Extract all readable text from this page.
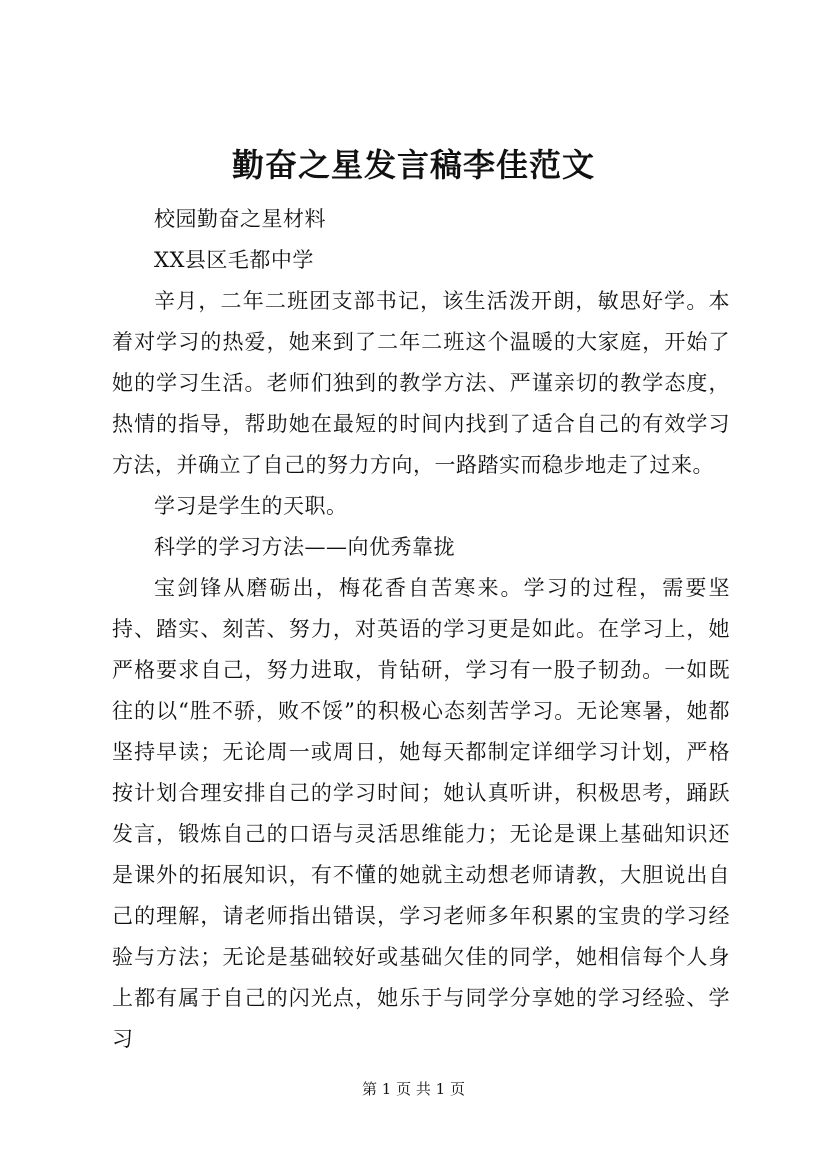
勤奋之星发言稿李佳范文

校园勤奋之星材料

XX县区毛都中学

辛月，二年二班团支部书记，该生活泼开朗，敏思好学。本着对学习的热爱，她来到了二年二班这个温暖的大家庭，开始了她的学习生活。老师们独到的教学方法、严谨亲切的教学态度，热情的指导，帮助她在最短的时间内找到了适合自己的有效学习方法，并确立了自己的努力方向，一路踏实而稳步地走了过来。

学习是学生的天职。

科学的学习方法——向优秀靠拢

宝剑锋从磨砺出，梅花香自苦寒来。学习的过程，需要坚持、踏实、刻苦、努力，对英语的学习更是如此。在学习上，她严格要求自己，努力进取，肯钻研，学习有一股子韧劲。一如既往的以“胜不骄，败不馁”的积极心态刻苦学习。无论寒暑，她都坚持早读；无论周一或周日，她每天都制定详细学习计划，严格按计划合理安排自己的学习时间；她认真听讲，积极思考，踊跃发言，锻炼自己的口语与灵活思维能力；无论是课上基础知识还是课外的拓展知识，有不懂的她就主动想老师请教，大胆说出自己的理解，请老师指出错误，学习老师多年积累的宝贵的学习经验与方法；无论是基础较好或基础欠佳的同学，她相信每个人身上都有属于自己的闪光点，她乐于与同学分享她的学习经验、学习

第 1 页 共 1 页
